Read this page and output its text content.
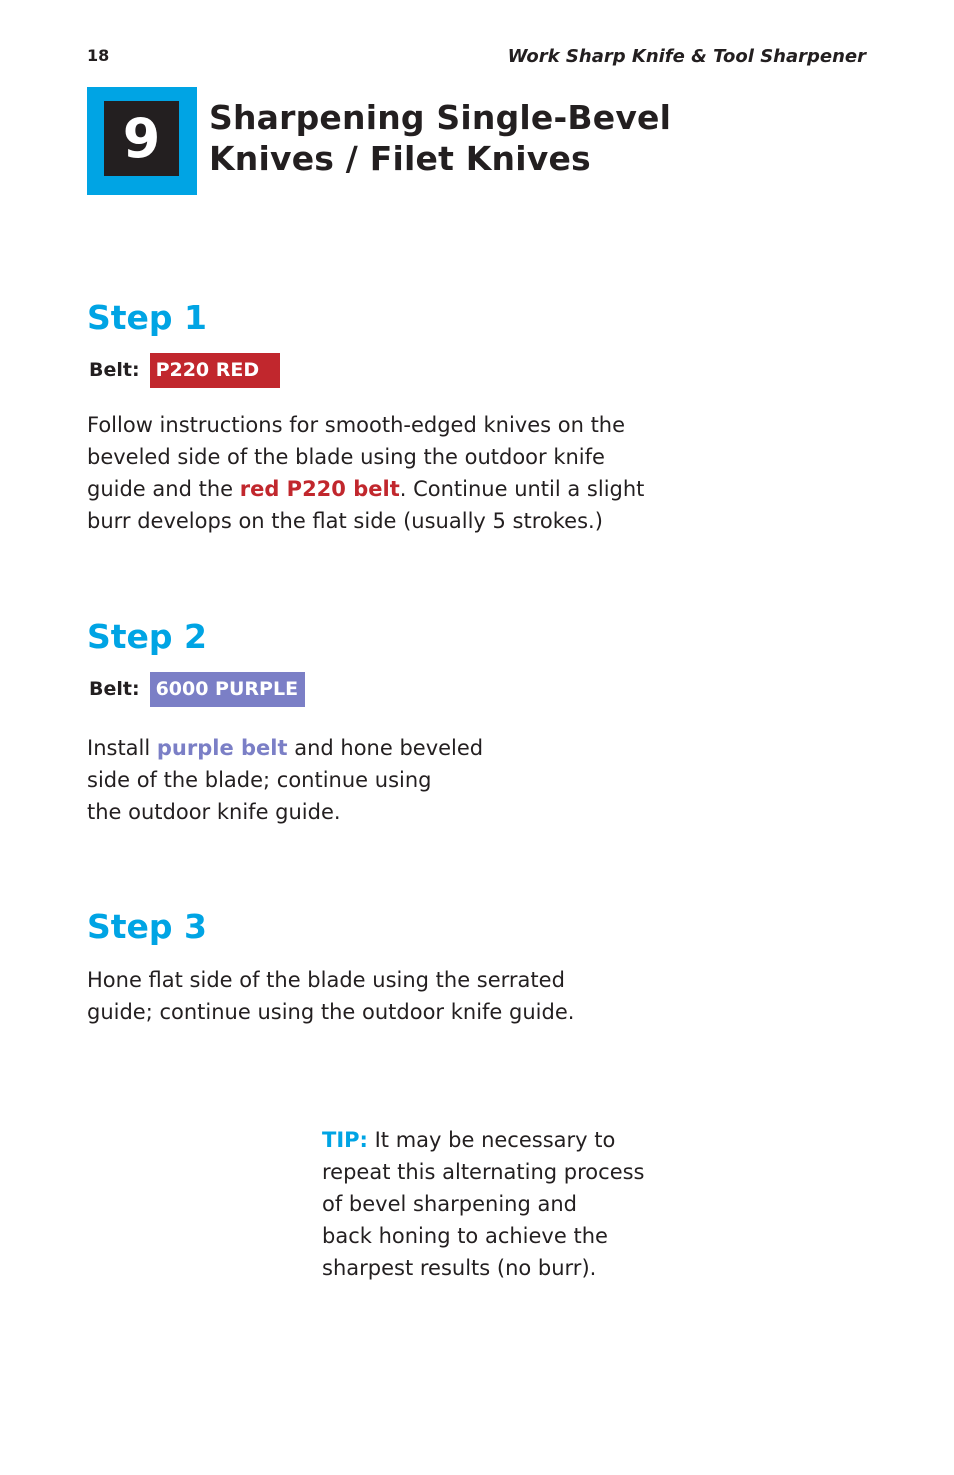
18	Work Sharp Knife & Tool Sharpener
9	Sharpening Single-Bevel
Knives / Filet Knives
Step 1
Belt: P220 RED

Follow instructions for smooth-edged knives on the
beveled side of the blade using the outdoor knife
guide and the red P220 belt. Continue until a slight
burr develops on the flat side (usually 5 strokes.)

Step 2
Belt: 6000 PURPLE

Install purple belt and hone beveled
side of the blade; continue using
the outdoor knife guide.

Step 3

Hone flat side of the blade using the serrated
guide; continue using the outdoor knife guide.

TIP: It may be necessary to
repeat this alternating process
of bevel sharpening and
back honing to achieve the
sharpest results (no burr).
